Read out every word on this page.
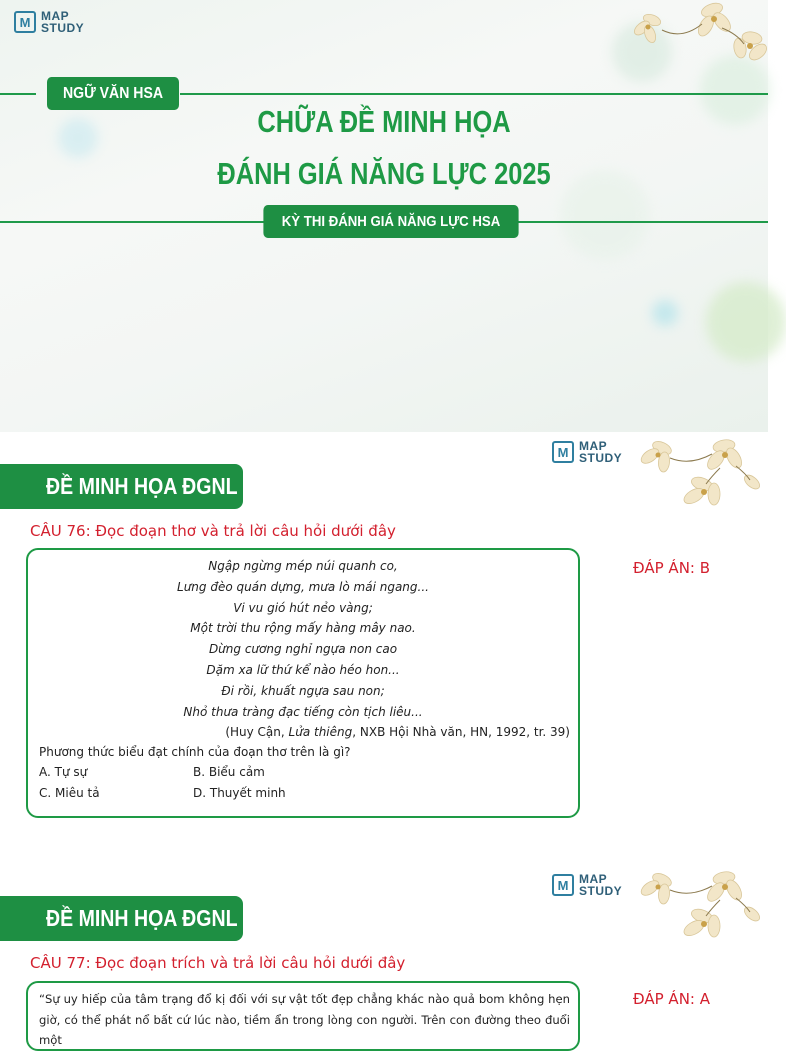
M MAP
STUDY
NGỮ VĂN HSA
CHỮA ĐỀ MINH HỌA
ĐÁNH GIÁ NĂNG LỰC 2025
KỲ THI ĐÁNH GIÁ NĂNG LỰC HSA
M MAP
STUDY
ĐỀ MINH HỌA ĐGNL
CÂU 76: Đọc đoạn thơ và trả lời câu hỏi dưới đây
Ngập ngừng mép núi quanh co,
Lưng đèo quán dựng, mưa lò mái ngang...
Vi vu gió hút nẻo vàng;
Một trời thu rộng mấy hàng mây nao.
Dừng cương nghỉ ngựa non cao
Dặm xa lữ thứ kể nào héo hon...
Đi rồi, khuất ngựa sau non;
Nhỏ thưa tràng đạc tiếng còn tịch liêu...
(Huy Cận, Lửa thiêng, NXB Hội Nhà văn, HN, 1992, tr. 39)
Phương thức biểu đạt chính của đoạn thơ trên là gì?
A. Tự sự	B. Biểu cảm
C. Miêu tả	D. Thuyết minh
ĐÁP ÁN: B
M MAP
STUDY
ĐỀ MINH HỌA ĐGNL
CÂU 77: Đọc đoạn trích và trả lời câu hỏi dưới đây
“Sự uy hiếp của tâm trạng đổ kị đối với sự vật tốt đẹp chẳng khác nào quả bom không hẹn giờ, có thể phát nổ bất cứ lúc nào, tiềm ẩn trong lòng con người. Trên con đường theo đuổi một
ĐÁP ÁN: A
